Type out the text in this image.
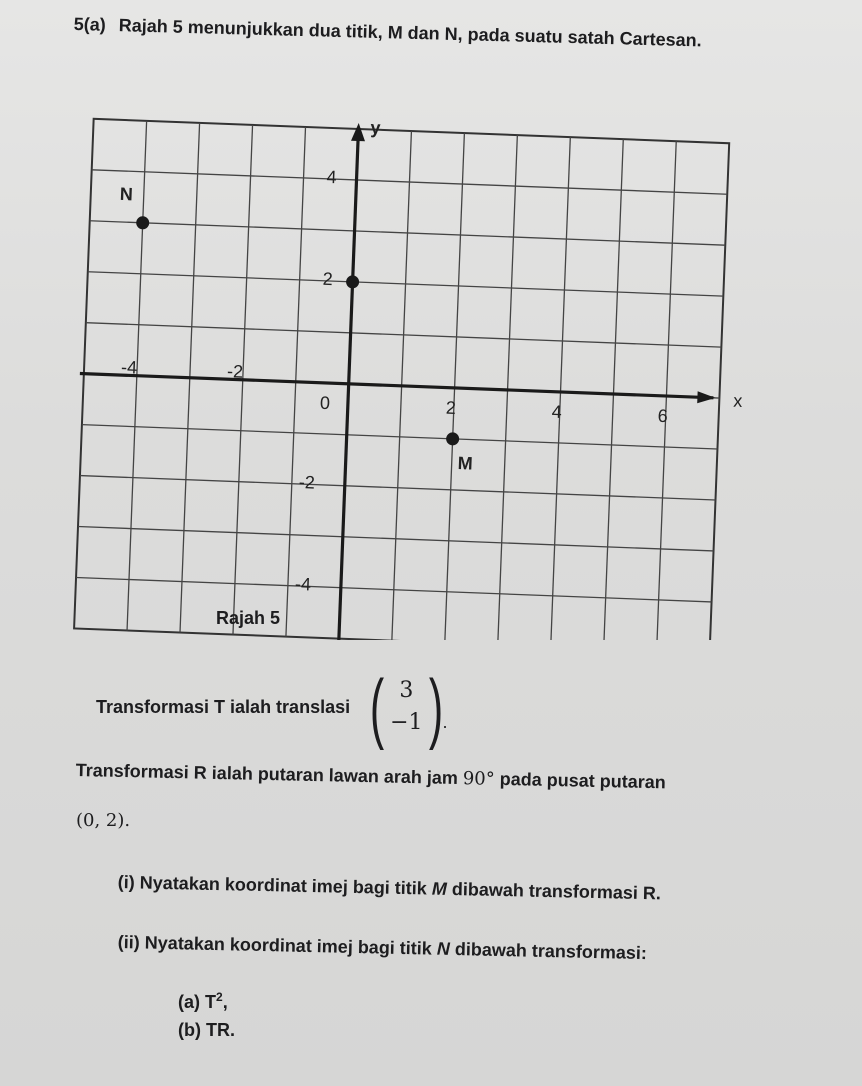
5(a) Rajah 5 menunjukkan dua titik, M dan N, pada suatu satah Cartesan.
x
y
-4	-2
0	2	4	6
4
2
-2
-4
N
M
Rajah 5
Transformasi T ialah translasi ( 3
−1 ) .
Transformasi R ialah putaran lawan arah jam 90° pada pusat putaran
(0, 2).
(i) Nyatakan koordinat imej bagi titik M dibawah transformasi R.
(ii) Nyatakan koordinat imej bagi titik N dibawah transformasi:
(a) $T^2$,
(b) TR.
